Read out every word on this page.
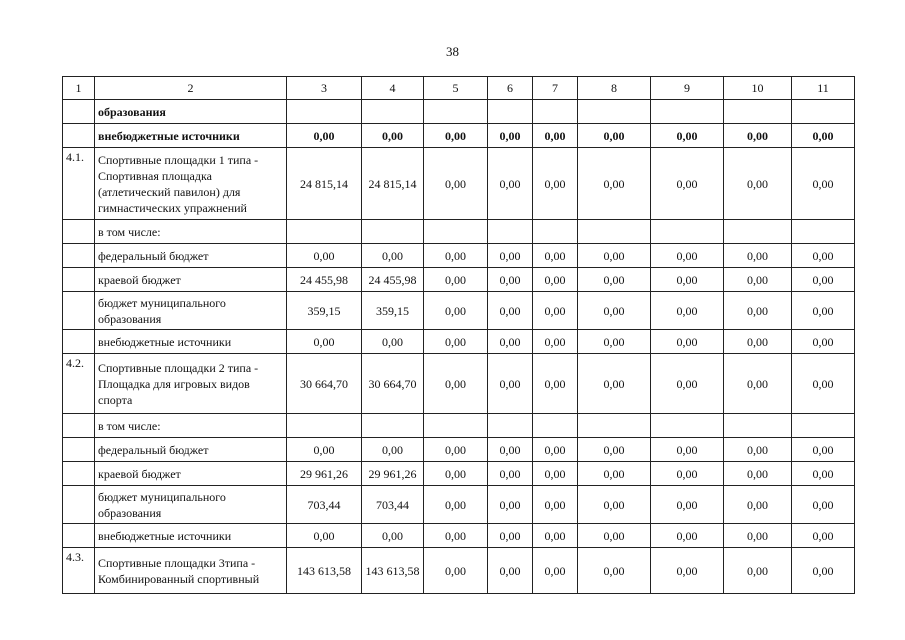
38
1	2	3	4	5	6	7	8	9	10	11
	образования									
	внебюджетные источники	0,00	0,00	0,00	0,00	0,00	0,00	0,00	0,00	0,00
4.1.	Спортивные площадки 1 типа - Спортивная площадка (атлетический павилон) для гимнастических упражнений	24 815,14	24 815,14	0,00	0,00	0,00	0,00	0,00	0,00	0,00
	в том числе:									
	федеральный бюджет	0,00	0,00	0,00	0,00	0,00	0,00	0,00	0,00	0,00
	краевой бюджет	24 455,98	24 455,98	0,00	0,00	0,00	0,00	0,00	0,00	0,00
	бюджет муниципального образования	359,15	359,15	0,00	0,00	0,00	0,00	0,00	0,00	0,00
	внебюджетные источники	0,00	0,00	0,00	0,00	0,00	0,00	0,00	0,00	0,00
4.2.	Спортивные площадки 2 типа - Площадка для игровых видов спорта	30 664,70	30 664,70	0,00	0,00	0,00	0,00	0,00	0,00	0,00
	в том числе:									
	федеральный бюджет	0,00	0,00	0,00	0,00	0,00	0,00	0,00	0,00	0,00
	краевой бюджет	29 961,26	29 961,26	0,00	0,00	0,00	0,00	0,00	0,00	0,00
	бюджет муниципального образования	703,44	703,44	0,00	0,00	0,00	0,00	0,00	0,00	0,00
	внебюджетные источники	0,00	0,00	0,00	0,00	0,00	0,00	0,00	0,00	0,00
4.3.	Спортивные площадки 3типа - Комбинированный спортивный	143 613,58	143 613,58	0,00	0,00	0,00	0,00	0,00	0,00	0,00
